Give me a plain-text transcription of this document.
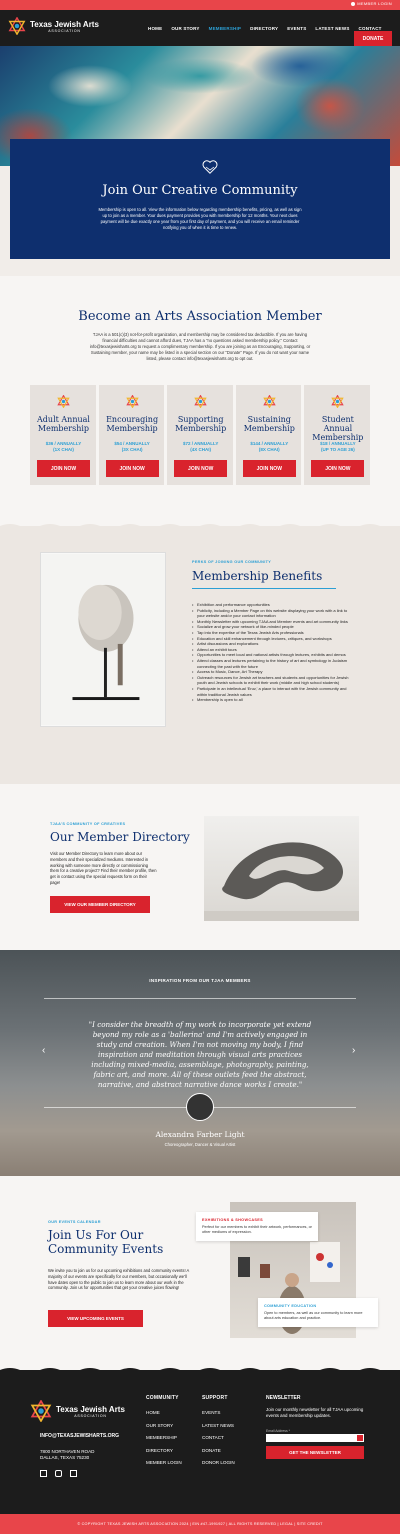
MEMBER LOGIN
Texas Jewish Arts
ASSOCIATION	HOME OUR STORY MEMBERSHIP DIRECTORY EVENTS LATEST NEWS CONTACT
DONATE
Join Our Creative Community

Membership is open to all. View the information below regarding membership benefits, pricing, as well as sign up to join as a member. Your dues payment provides you with membership for 12 months. Your next dues payment will be due exactly one year from your first day of payment, and you will receive an email reminder notifying you of when it is time to renew.

Become an Arts Association Member

TJAA is a 501(c)(3) not-for-profit organization, and membership may be considered tax deductible. If you are having financial difficulties and cannot afford dues, TJAA has a "no questions asked membership policy." Contact info@texasjewisharts.org to request a complimentary membership. If you are joining as an Encouraging, Supporting, or Sustaining member, your name may be listed in a special section on our "Donate" Page. If you do not want your name listed, please contact info@texasjewisharts.org to opt out.

Adult Annual Membership
$36 / ANNUALLY
(1X CHAI)
JOIN NOW
Encouraging Membership
$54 / ANNUALLY
(3X CHAI)
JOIN NOW
Supporting Membership
$72 / ANNUALLY
(4X CHAI)
JOIN NOW
Sustaining Membership
$144 / ANNUALLY
(8X CHAI)
JOIN NOW
Student Annual Membership
$18 / ANNUALLY
(UP TO AGE 26)
JOIN NOW
PERKS OF JOINING OUR COMMUNITY
Membership Benefits
• Exhibition and performance opportunities
• Publicity, including a Member Page on this website displaying your work with a link to your website and/or your contact information
• Monthly Newsletter with upcoming TJAA and Member events and art community links
• Socialize and grow your network of like-minded people
• Tap into the expertise of the Texas Jewish Arts professionals
• Education and skill enhancement through lectures, critiques, and workshops
• Artist discussions and explorations
• Attend an exhibit tours
• Opportunities to meet local and national artists through lectures, exhibits and demos
• Attend classes and lectures pertaining to the history of art and symbology in Judaism connecting the past with the future
• Access to Music, Dance, Art Therapy
• Outreach resources for Jewish art teachers and students and opportunities for Jewish youth and Jewish schools to exhibit their work (middle and high school students)
• Participate in an intellectual 'Eruv,' a place to interact with the Jewish community and within traditional Jewish values
• Membership is open to all
TJAA'S COMMUNITY OF CREATIVES
Our Member Directory

Visit our Member Directory to learn more about our members and their specialized mediums. Interested in working with someone more directly or commissioning them for a creative project? Find their member profile, then get in contact using the special requests form on their page!

VIEW OUR MEMBER DIRECTORY
INSPIRATION FROM OUR TJAA MEMBERS

"I consider the breadth of my work to incorporate yet extend beyond my role as a 'ballerina' and I'm actively engaged in study and creation. When I'm not moving my body, I find inspiration and meditation through visual arts practices including mixed-media, assemblage, photography, painting, fabric art, and more. All of these outlets feed the abstract, narrative, and abstract narrative dance works I create."

‹	›
Alexandra Farber Light
Choreographer, Dancer & Visual Artist
OUR EVENTS CALENDAR
Join Us For Our Community Events

We invite you to join us for our upcoming exhibitions and community events! A majority of our events are specifically for our members, but occasionally we'll have dates open to the public to join us to learn more about our work in the community. Join us for opportunities that get your creative juices flowing!

VIEW UPCOMING EVENTS
EXHIBITIONS & SHOWCASES
Perfect for our members to exhibit their artwork, performances, or other mediums of expression.
COMMUNITY EDUCATION
Open to members, as well as our community to learn more about arts education and practice.
Texas Jewish Arts
ASSOCIATION
INFO@TEXASJEWISHARTS.ORG
7800 NORTHAVEN ROAD
DALLAS, TEXAS 75230
COMMUNITY
HOME
OUR STORY
MEMBERSHIP
DIRECTORY
MEMBER LOGIN
SUPPORT
EVENTS
LATEST NEWS
CONTACT
DONATE
DONOR LOGIN
NEWSLETTER
Join our monthly newsletter for all TJAA upcoming events and membership updates.
Email Address *
GET THE NEWSLETTER
© COPYRIGHT TEXAS JEWISH ARTS ASSOCIATION 2024 | EIN #47-1991927 | ALL RIGHTS RESERVED | LEGAL | SITE CREDIT
